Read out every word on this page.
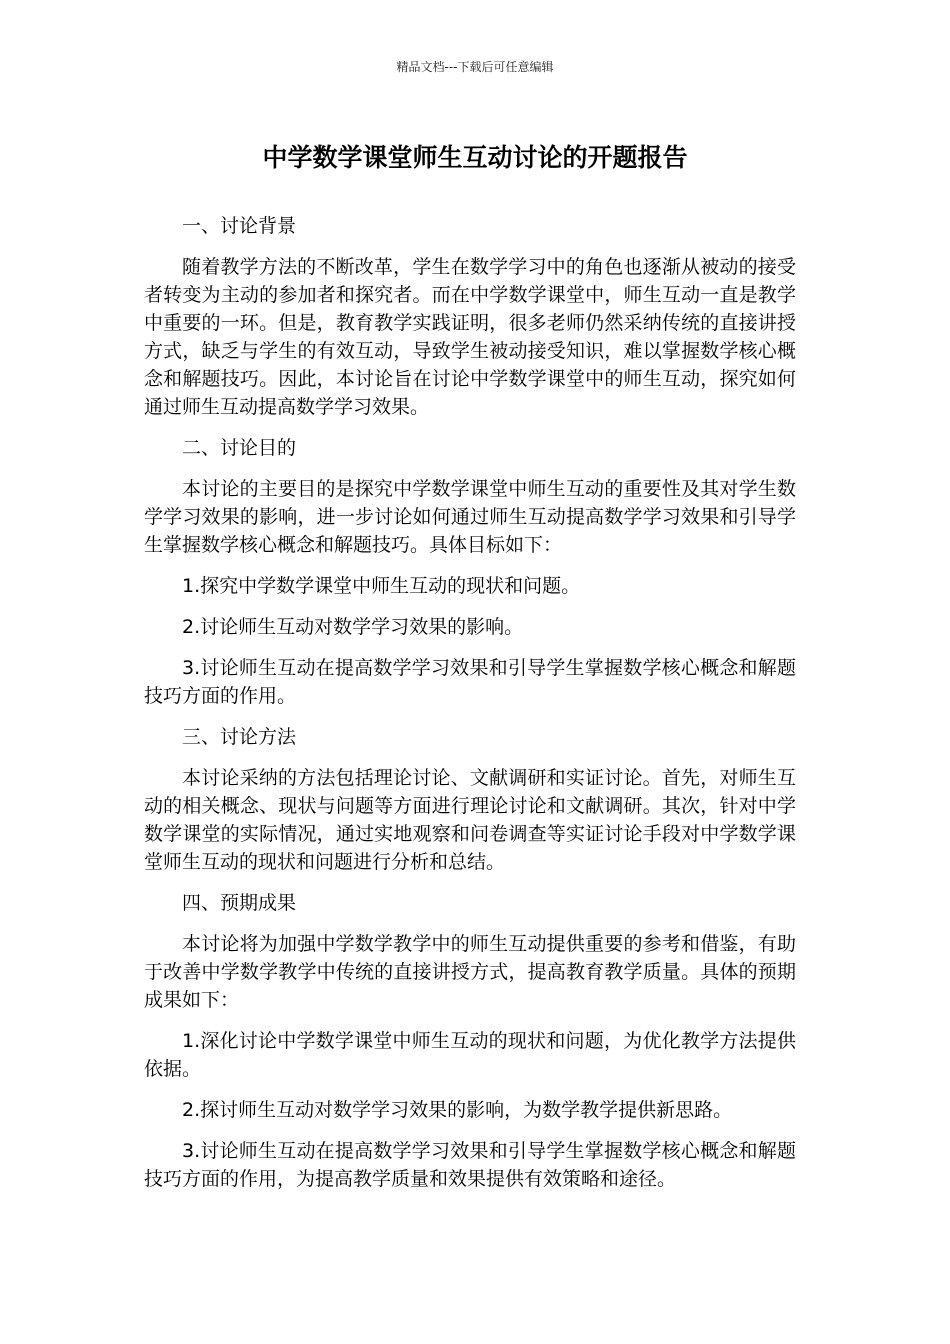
精品文档---下载后可任意编辑
中学数学课堂师生互动讨论的开题报告

一、讨论背景

随着教学方法的不断改革，学生在数学学习中的角色也逐渐从被动的接受者转变为主动的参加者和探究者。而在中学数学课堂中，师生互动一直是教学中重要的一环。但是，教育教学实践证明，很多老师仍然采纳传统的直接讲授方式，缺乏与学生的有效互动，导致学生被动接受知识，难以掌握数学核心概念和解题技巧。因此，本讨论旨在讨论中学数学课堂中的师生互动，探究如何通过师生互动提高数学学习效果。

二、讨论目的

本讨论的主要目的是探究中学数学课堂中师生互动的重要性及其对学生数学学习效果的影响，进一步讨论如何通过师生互动提高数学学习效果和引导学生掌握数学核心概念和解题技巧。具体目标如下：

1.探究中学数学课堂中师生互动的现状和问题。

2.讨论师生互动对数学学习效果的影响。

3.讨论师生互动在提高数学学习效果和引导学生掌握数学核心概念和解题技巧方面的作用。

三、讨论方法

本讨论采纳的方法包括理论讨论、文献调研和实证讨论。首先，对师生互动的相关概念、现状与问题等方面进行理论讨论和文献调研。其次，针对中学数学课堂的实际情况，通过实地观察和问卷调查等实证讨论手段对中学数学课堂师生互动的现状和问题进行分析和总结。

四、预期成果

本讨论将为加强中学数学教学中的师生互动提供重要的参考和借鉴，有助于改善中学数学教学中传统的直接讲授方式，提高教育教学质量。具体的预期成果如下：

1.深化讨论中学数学课堂中师生互动的现状和问题，为优化教学方法提供依据。

2.探讨师生互动对数学学习效果的影响，为数学教学提供新思路。

3.讨论师生互动在提高数学学习效果和引导学生掌握数学核心概念和解题技巧方面的作用，为提高教学质量和效果提供有效策略和途径。
